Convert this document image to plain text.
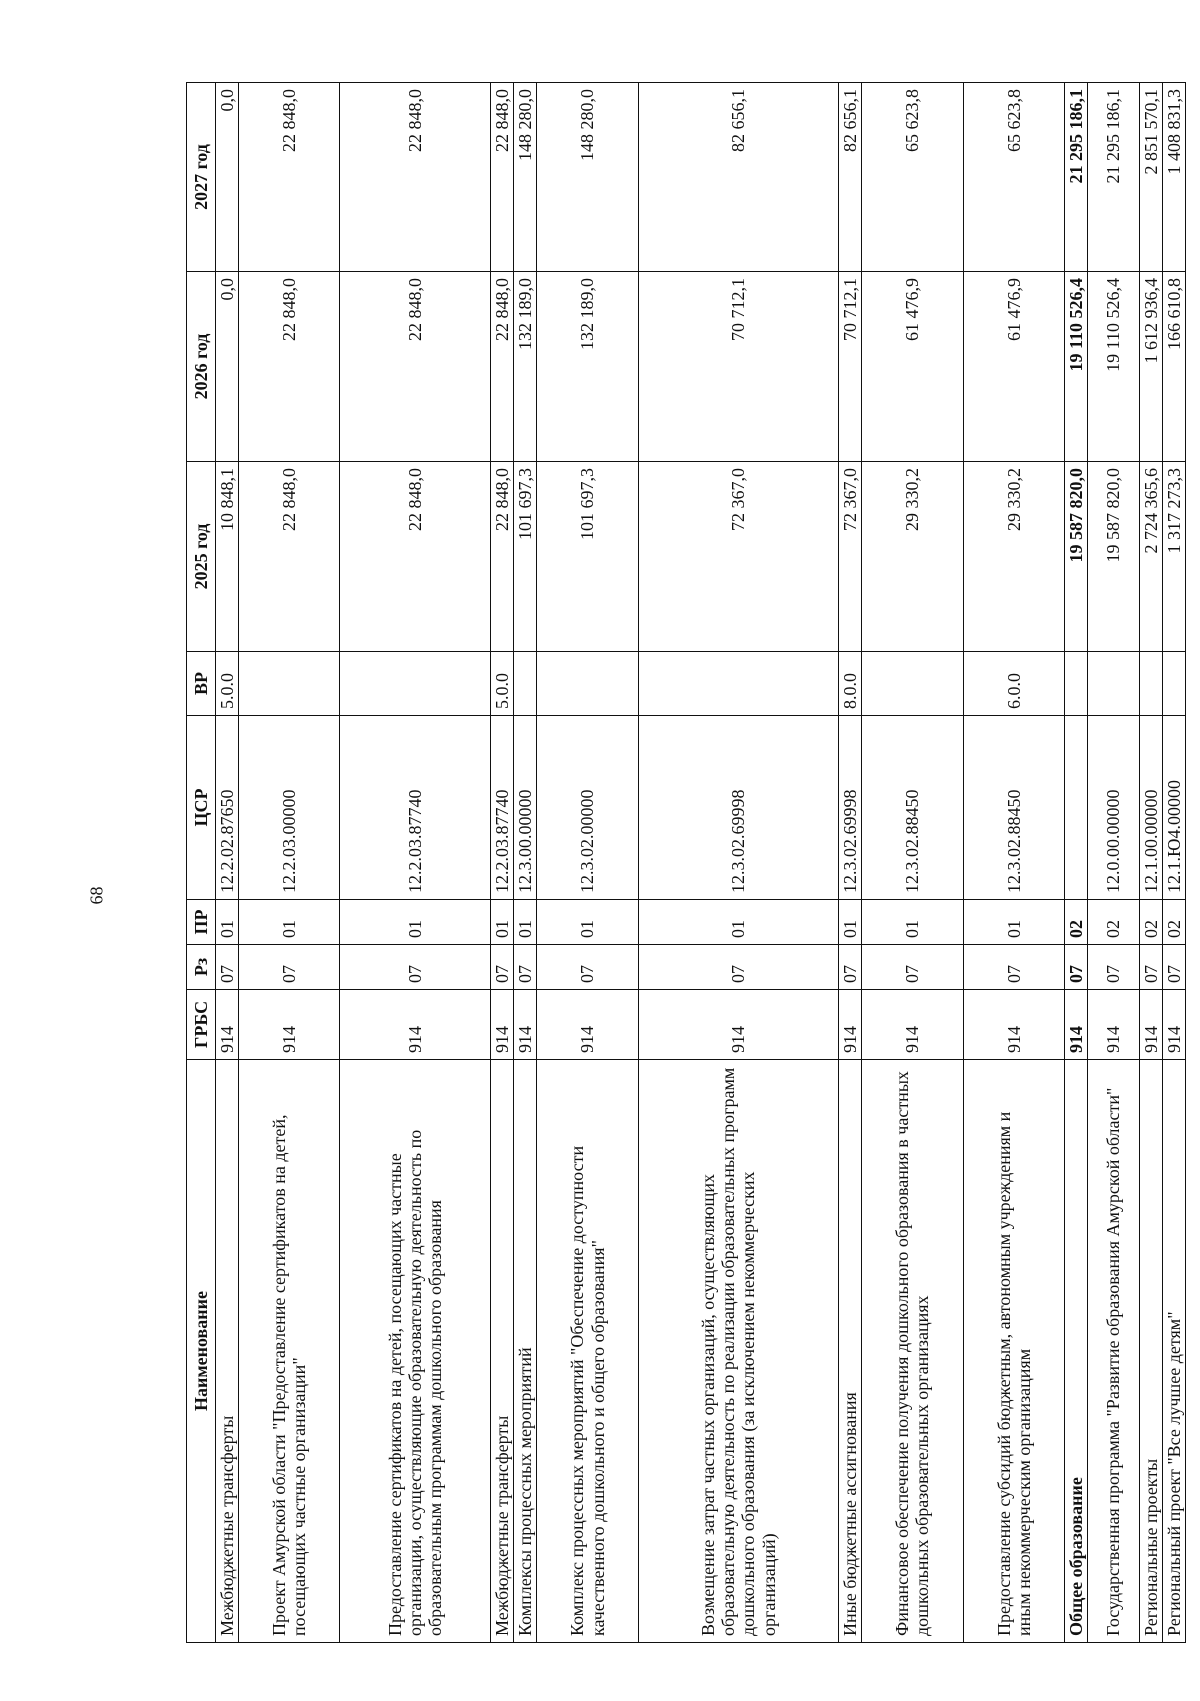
68
Наименование	ГРБС	Рз	ПР	ЦСР	ВР	2025 год	2026 год	2027 год
Межбюджетные трансферты	914	07	01	12.2.02.87650	5.0.0	10 848,1	0,0	0,0
Проект Амурской области "Предоставление сертификатов на детей, посещающих частные организации"	914	07	01	12.2.03.00000		22 848,0	22 848,0	22 848,0
Предоставление сертификатов на детей, посещающих частные организации, осуществляющие образовательную деятельность по образовательным программам дошкольного образования	914	07	01	12.2.03.87740		22 848,0	22 848,0	22 848,0
Межбюджетные трансферты	914	07	01	12.2.03.87740	5.0.0	22 848,0	22 848,0	22 848,0
Комплексы процессных мероприятий	914	07	01	12.3.00.00000		101 697,3	132 189,0	148 280,0
Комплекс процессных мероприятий "Обеспечение доступности качественного дошкольного и общего образования"	914	07	01	12.3.02.00000		101 697,3	132 189,0	148 280,0
Возмещение затрат частных организаций, осуществляющих образовательную деятельность по реализации образовательных программ дошкольного образования (за исключением некоммерческих организаций)	914	07	01	12.3.02.69998		72 367,0	70 712,1	82 656,1
Иные бюджетные ассигнования	914	07	01	12.3.02.69998	8.0.0	72 367,0	70 712,1	82 656,1
Финансовое обеспечение получения дошкольного образования в частных дошкольных образовательных организациях	914	07	01	12.3.02.88450		29 330,2	61 476,9	65 623,8
Предоставление субсидий бюджетным, автономным учреждениям и иным некоммерческим организациям	914	07	01	12.3.02.88450	6.0.0	29 330,2	61 476,9	65 623,8
Общее образование	914	07	02			19 587 820,0	19 110 526,4	21 295 186,1
Государственная программа "Развитие образования Амурской области"	914	07	02	12.0.00.00000		19 587 820,0	19 110 526,4	21 295 186,1
Региональные проекты	914	07	02	12.1.00.00000		2 724 365,6	1 612 936,4	2 851 570,1
Региональный проект "Все лучшее детям"	914	07	02	12.1.Ю4.00000		1 317 273,3	166 610,8	1 408 831,3
